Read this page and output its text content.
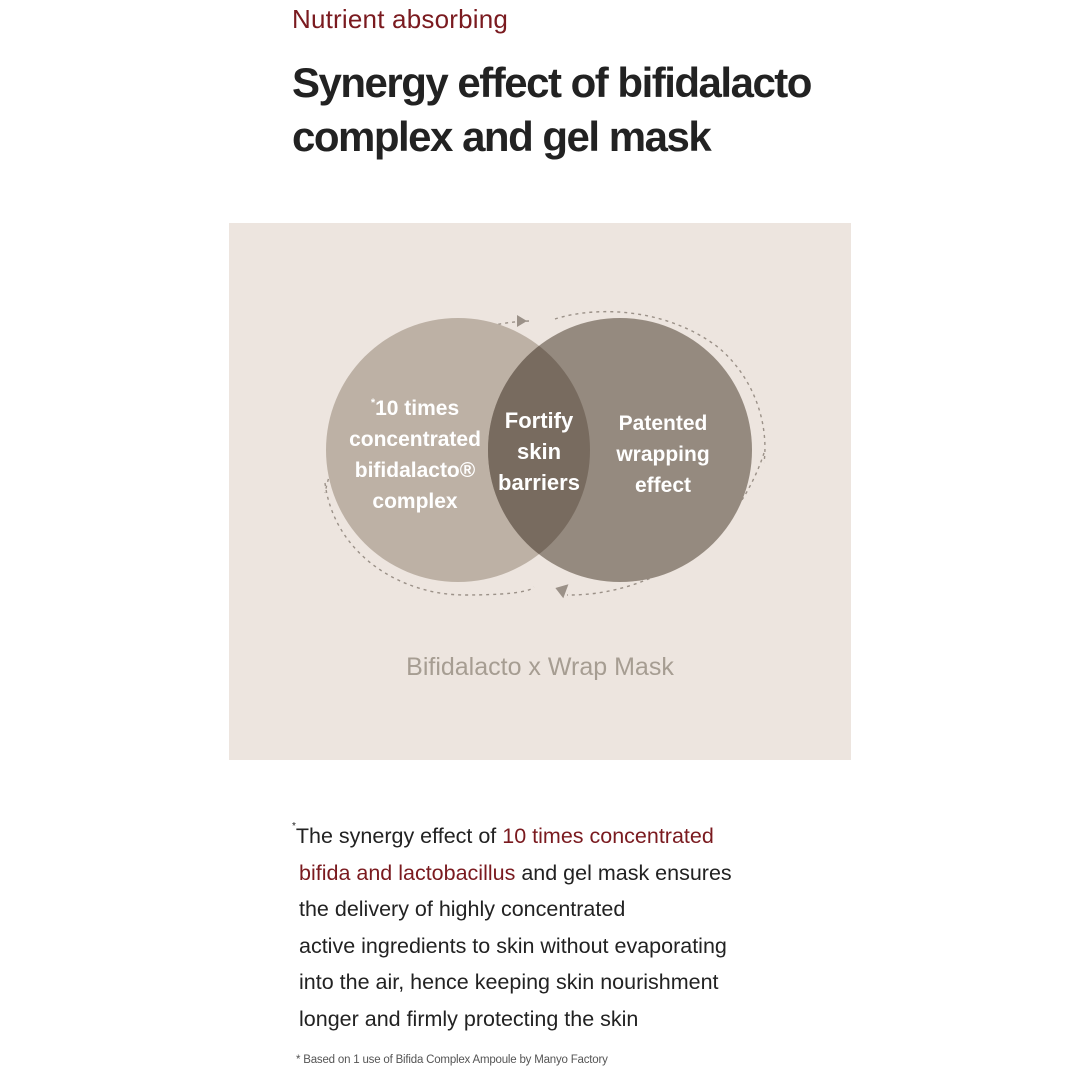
Nutrient absorbing
Synergy effect of bifidalacto
complex and gel mask
*10 times
concentrated
bifidalacto®
complex
Fortify
skin
barriers
Patented
wrapping
effect
Bifidalacto x Wrap Mask
*The synergy effect of 10 times concentrated
bifida and lactobacillus and gel mask ensures
the delivery of highly concentrated
active ingredients to skin without evaporating
into the air, hence keeping skin nourishment
longer and firmly protecting the skin
* Based on 1 use of Bifida Complex Ampoule by Manyo Factory
